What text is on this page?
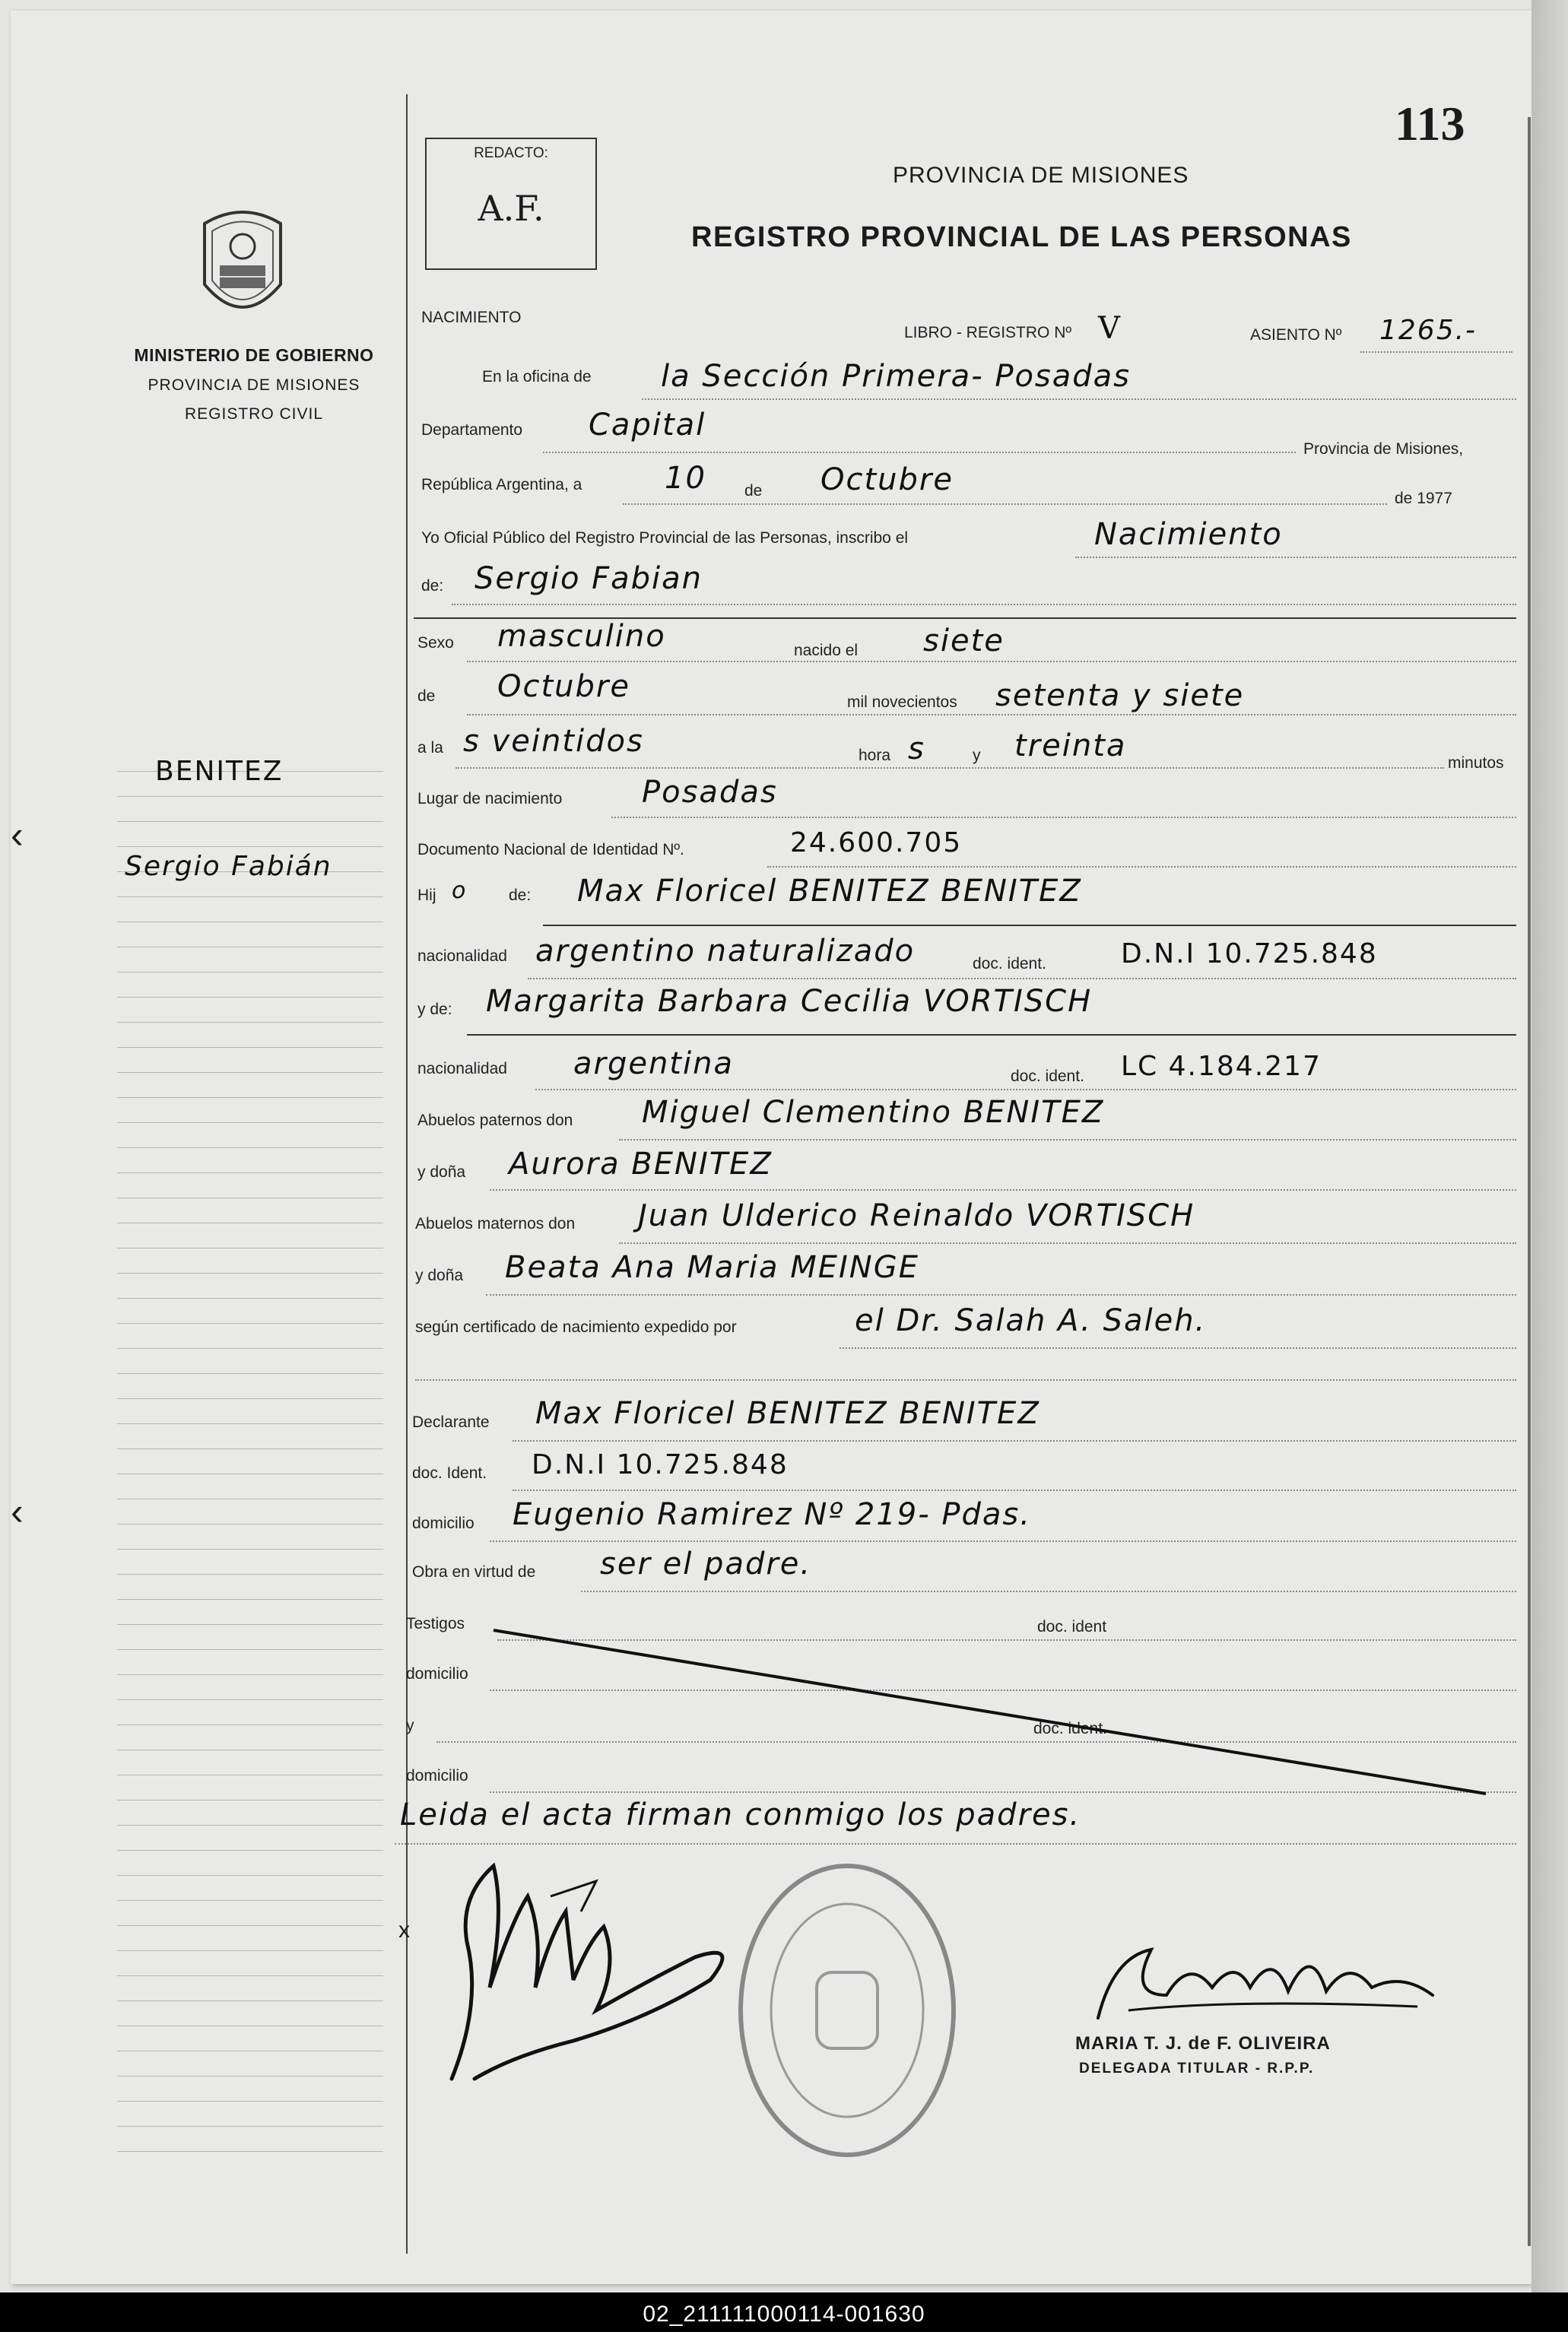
MINISTERIO DE GOBIERNO
PROVINCIA DE MISIONES
REGISTRO CIVIL
BENITEZ
Sergio Fabián
REDACTO:
A.F.
113
PROVINCIA DE MISIONES
REGISTRO PROVINCIAL DE LAS PERSONAS
NACIMIENTO
LIBRO - REGISTRO Nº V	ASIENTO Nº 1265.-
En la oficina de la Sección Primera- Posadas
Departamento Capital
Provincia de Misiones,
República Argentina, a	10 de Octubre
de 1977
Yo Oficial Público del Registro Provincial de las Personas, inscribo el	Nacimiento
de: Sergio Fabian
Sexo masculino	nacido el siete
de Octubre	mil novecientos setenta y siete
a la s veintidos	hora s	y treinta	minutos
Lugar de nacimiento	Posadas
Documento Nacional de Identidad Nº.	24.600.705
Hij o	de: Max Floricel BENITEZ BENITEZ
nacionalidad argentino naturalizado	doc. ident.	D.N.I 10.725.848
y de: Margarita Barbara Cecilia VORTISCH
nacionalidad argentina	doc. ident. LC 4.184.217
Abuelos paternos don Miguel Clementino BENITEZ
y doña Aurora BENITEZ
Abuelos maternos don Juan Ulderico Reinaldo VORTISCH
y doña Beata Ana Maria MEINGE
según certificado de nacimiento expedido por	el Dr. Salah A. Saleh.
Declarante Max Floricel BENITEZ BENITEZ
doc. Ident. D.N.I 10.725.848
domicilio Eugenio Ramirez Nº 219- Pdas.
Obra en virtud de ser el padre.
Testigos	doc. ident
domicilio
y	doc. ident.
domicilio
Leida el acta firman conmigo los padres.
x
MARIA T. J. de F. OLIVEIRA
DELEGADA TITULAR - R.P.P.
‹
‹
02_211111000114-001630
